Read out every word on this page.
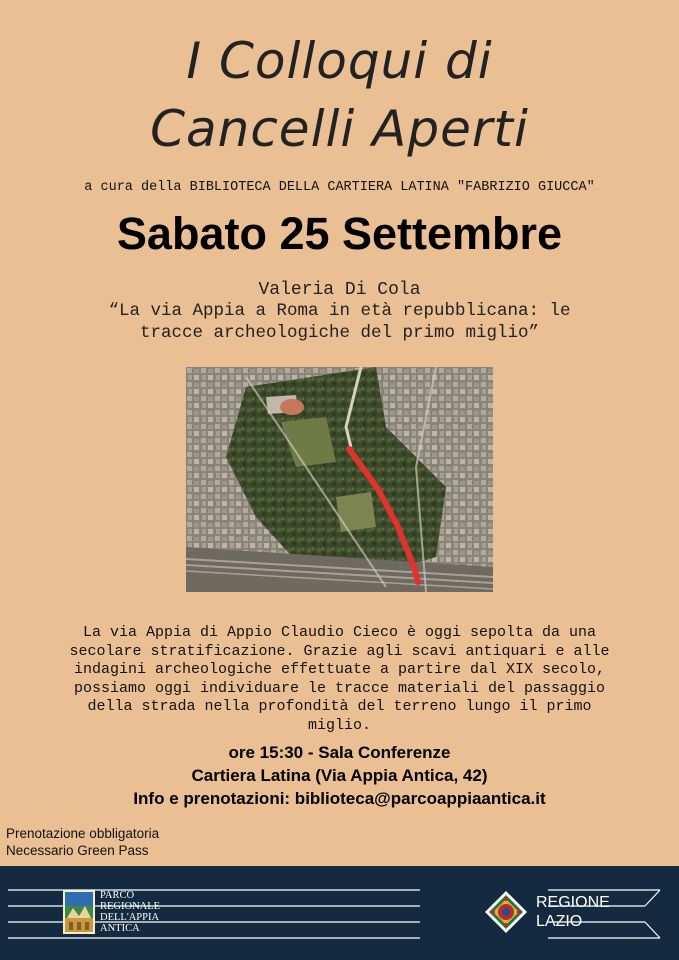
I Colloqui di
Cancelli Aperti
a cura della BIBLIOTECA DELLA CARTIERA LATINA "FABRIZIO GIUCCA"
Sabato 25 Settembre
Valeria Di Cola
“La via Appia a Roma in età repubblicana: le
tracce archeologiche del primo miglio”
La via Appia di Appio Claudio Cieco è oggi sepolta da una
secolare stratificazione. Grazie agli scavi antiquari e alle
indagini archeologiche effettuate a partire dal XIX secolo,
possiamo oggi individuare le tracce materiali del passaggio
della strada nella profondità del terreno lungo il primo
miglio.
ore 15:30 - Sala Conferenze
Cartiera Latina (Via Appia Antica, 42)
Info e prenotazioni: biblioteca@parcoappiaantica.it
Prenotazione obbligatoria
Necessario Green Pass
PARCO
REGIONALE
DELL'APPIA
ANTICA
REGIONE
LAZIO
